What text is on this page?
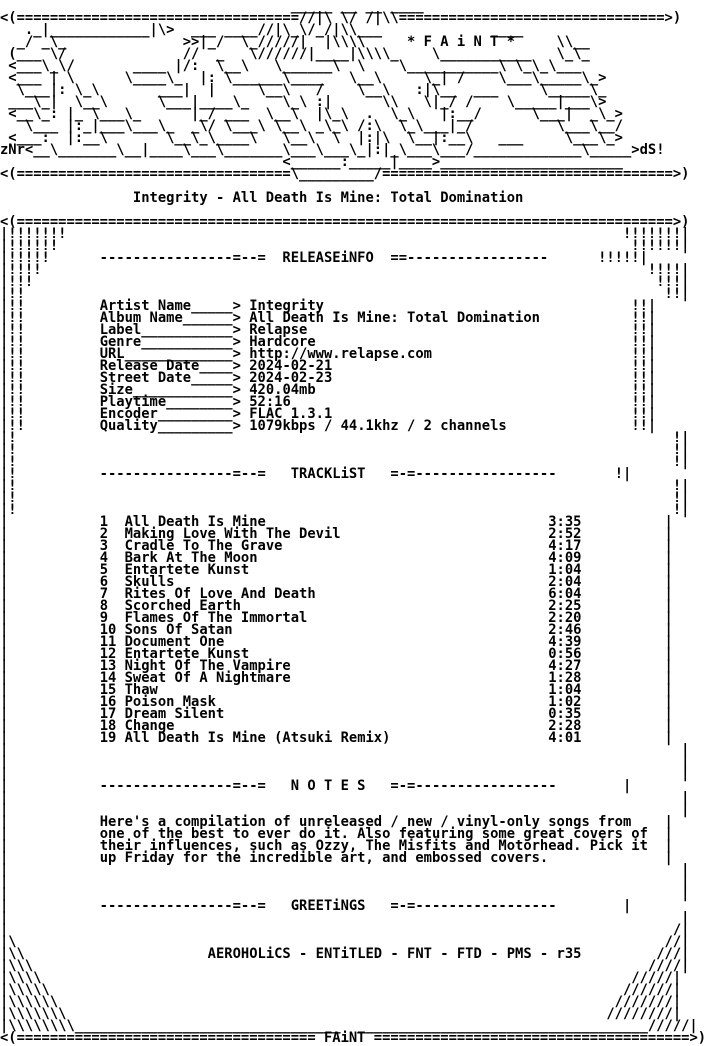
_____ __ __ ____
<(==================================//|\ \/ /|\\================================>)
._|____________|\>  ___ ____//|\_\/_/|\\___             ____
_/ _\_              >>|_/  \_/////|  |\\\\     * F A i N T *     \\__
(___ \/              //  _   \//////|____|\\\\_    \___________   \_\_
<___\_\/       ____ |/:  \__\   \______\  \    \___________\ \_\_\___
<___ | \      \____\_  |: \______\____   \__\     \_| /    \___\_____\_>
\___|: \_\       ___|  |     \__\   /    \__\   :|\__  ___     \_____\_
___\_|  \__\      \___|____\_    \_\ :|      \\   \|_/ /    \_____|___\>
<__\_: |_ \___\_      |_/ ___  \__\  |\_\  .  \_\   |:__/      \___|  _\_>
\___ |:_|___\___\_  _\/ \___\ \__\ _\_\ /:\  \_\___|_/          \___\__/
<___:  |:__\       \__\_\____\   \__\  \  |:|\  \__|:__\   ___     \___\_>
zNr<__\_______\__|____\___\_______\___\___\_|:|_\___\___/_____________\_____>dS!
<______:_____|____>______________________
<(=================================\_________/===================================>)
Integrity - All Death Is Mine: Total Domination
<(===============================================================================>)
|!!!!!!!                                                                   !!!!!!!|
|!!!!!!                                                                     !!!!!!|
|!!!!!      ----------------=--=  RELEASEiNFO  ==-----------------      !!!!!|
|!!!!                                                                         !!!!|
|!!!                                                                           !!!|
|!!                                                                             !!|
|!!         Artist Name_____> Integrity                                     !!|
|!!         Album Name______> All Death Is Mine: Total Domination           !!|
|!!         Label___________> Relapse                                       !!|
|!!         Genre___________> Hardcore                                      !!|
|!!         URL_____________> http://www.relapse.com                        !!|
|!!         Release Date____> 2024-02-21                                    !!|
|!!         Street Date_____> 2024-02-23                                    !!|
|!!         Size____________> 420.04mb                                      !!|
|!!         Playtime________> 52:16                                         !!|
|!!         Encoder_________> FLAC 1.3.1                                    !!|
|!!         Quality_________> 1079kbps / 44.1khz / 2 channels               !!|
|!                                                                               !|
|!                                                                               !|
|!                                                                               !|
|!          ----------------=--=   TRACKLiST   =-=-----------------       !|
|!                                                                               !|
|!                                                                               !|
|!                                                                               !|
|           1  All Death Is Mine                                  3:35          |
|           2  Making Love With The Devil                         2:52          |
|           3  Cradle To The Grave                                4:17          |
|           4  Bark At The Moon                                   4:09          |
|           5  Entartete Kunst                                    1:04          |
|           6  Skulls                                             2:04          |
|           7  Rites Of Love And Death                            6:04          |
|           8  Scorched Earth                                     2:25          |
|           9  Flames Of The Immortal                             2:20          |
|           10 Sons Of Satan                                      2:46          |
|           11 Document One                                       4:39          |
|           12 Entartete Kunst                                    0:56          |
|           13 Night Of The Vampire                               4:27          |
|           14 Sweat Of A Nightmare                               1:28          |
|           15 Thaw                                               1:04          |
|           16 Poison Mask                                        1:02          |
|           17 Dream Silent                                       0:35          |
|           18 Change                                             2:28          |
|           19 All Death Is Mine (Atsuki Remix)                   4:01          |
|                                                                                 |
|                                                                                 |
|                                                                                 |
|           ----------------=--=   N O T E S   =-=-----------------        |
|                                                                                 |
|                                                                                 |
|           Here's a compilation of unreleased / new / vinyl-only songs from    |
|           one of the best to ever do it. Also featuring some great covers of  |
|           their influences, such as Ozzy, The Misfits and Motorhead. Pick it  |
|           up Friday for the incredible art, and embossed covers.              |
|                                                                                 |
|                                                                                 |
|                                                                                 |
|           ----------------=--=   GREETiNGS   =-=-----------------        |
|                                                                                 |
|                                                                                /|
|\                                                                              //|
|\\                      AEROHOLiCS - ENTiTLED - FNT - FTD - PMS - r35         ///|
|\\\                                                                          ////|
|\\\\                                                                       /////|
|\\\\\                                                                     //////|
|\\\\\\                                                                   ///////|
|\\\\\\\                                                                 ////////|
|\\\\\\\\________________________________  ___________________________________/////|
<(==================================== FAiNT ======================================>)
